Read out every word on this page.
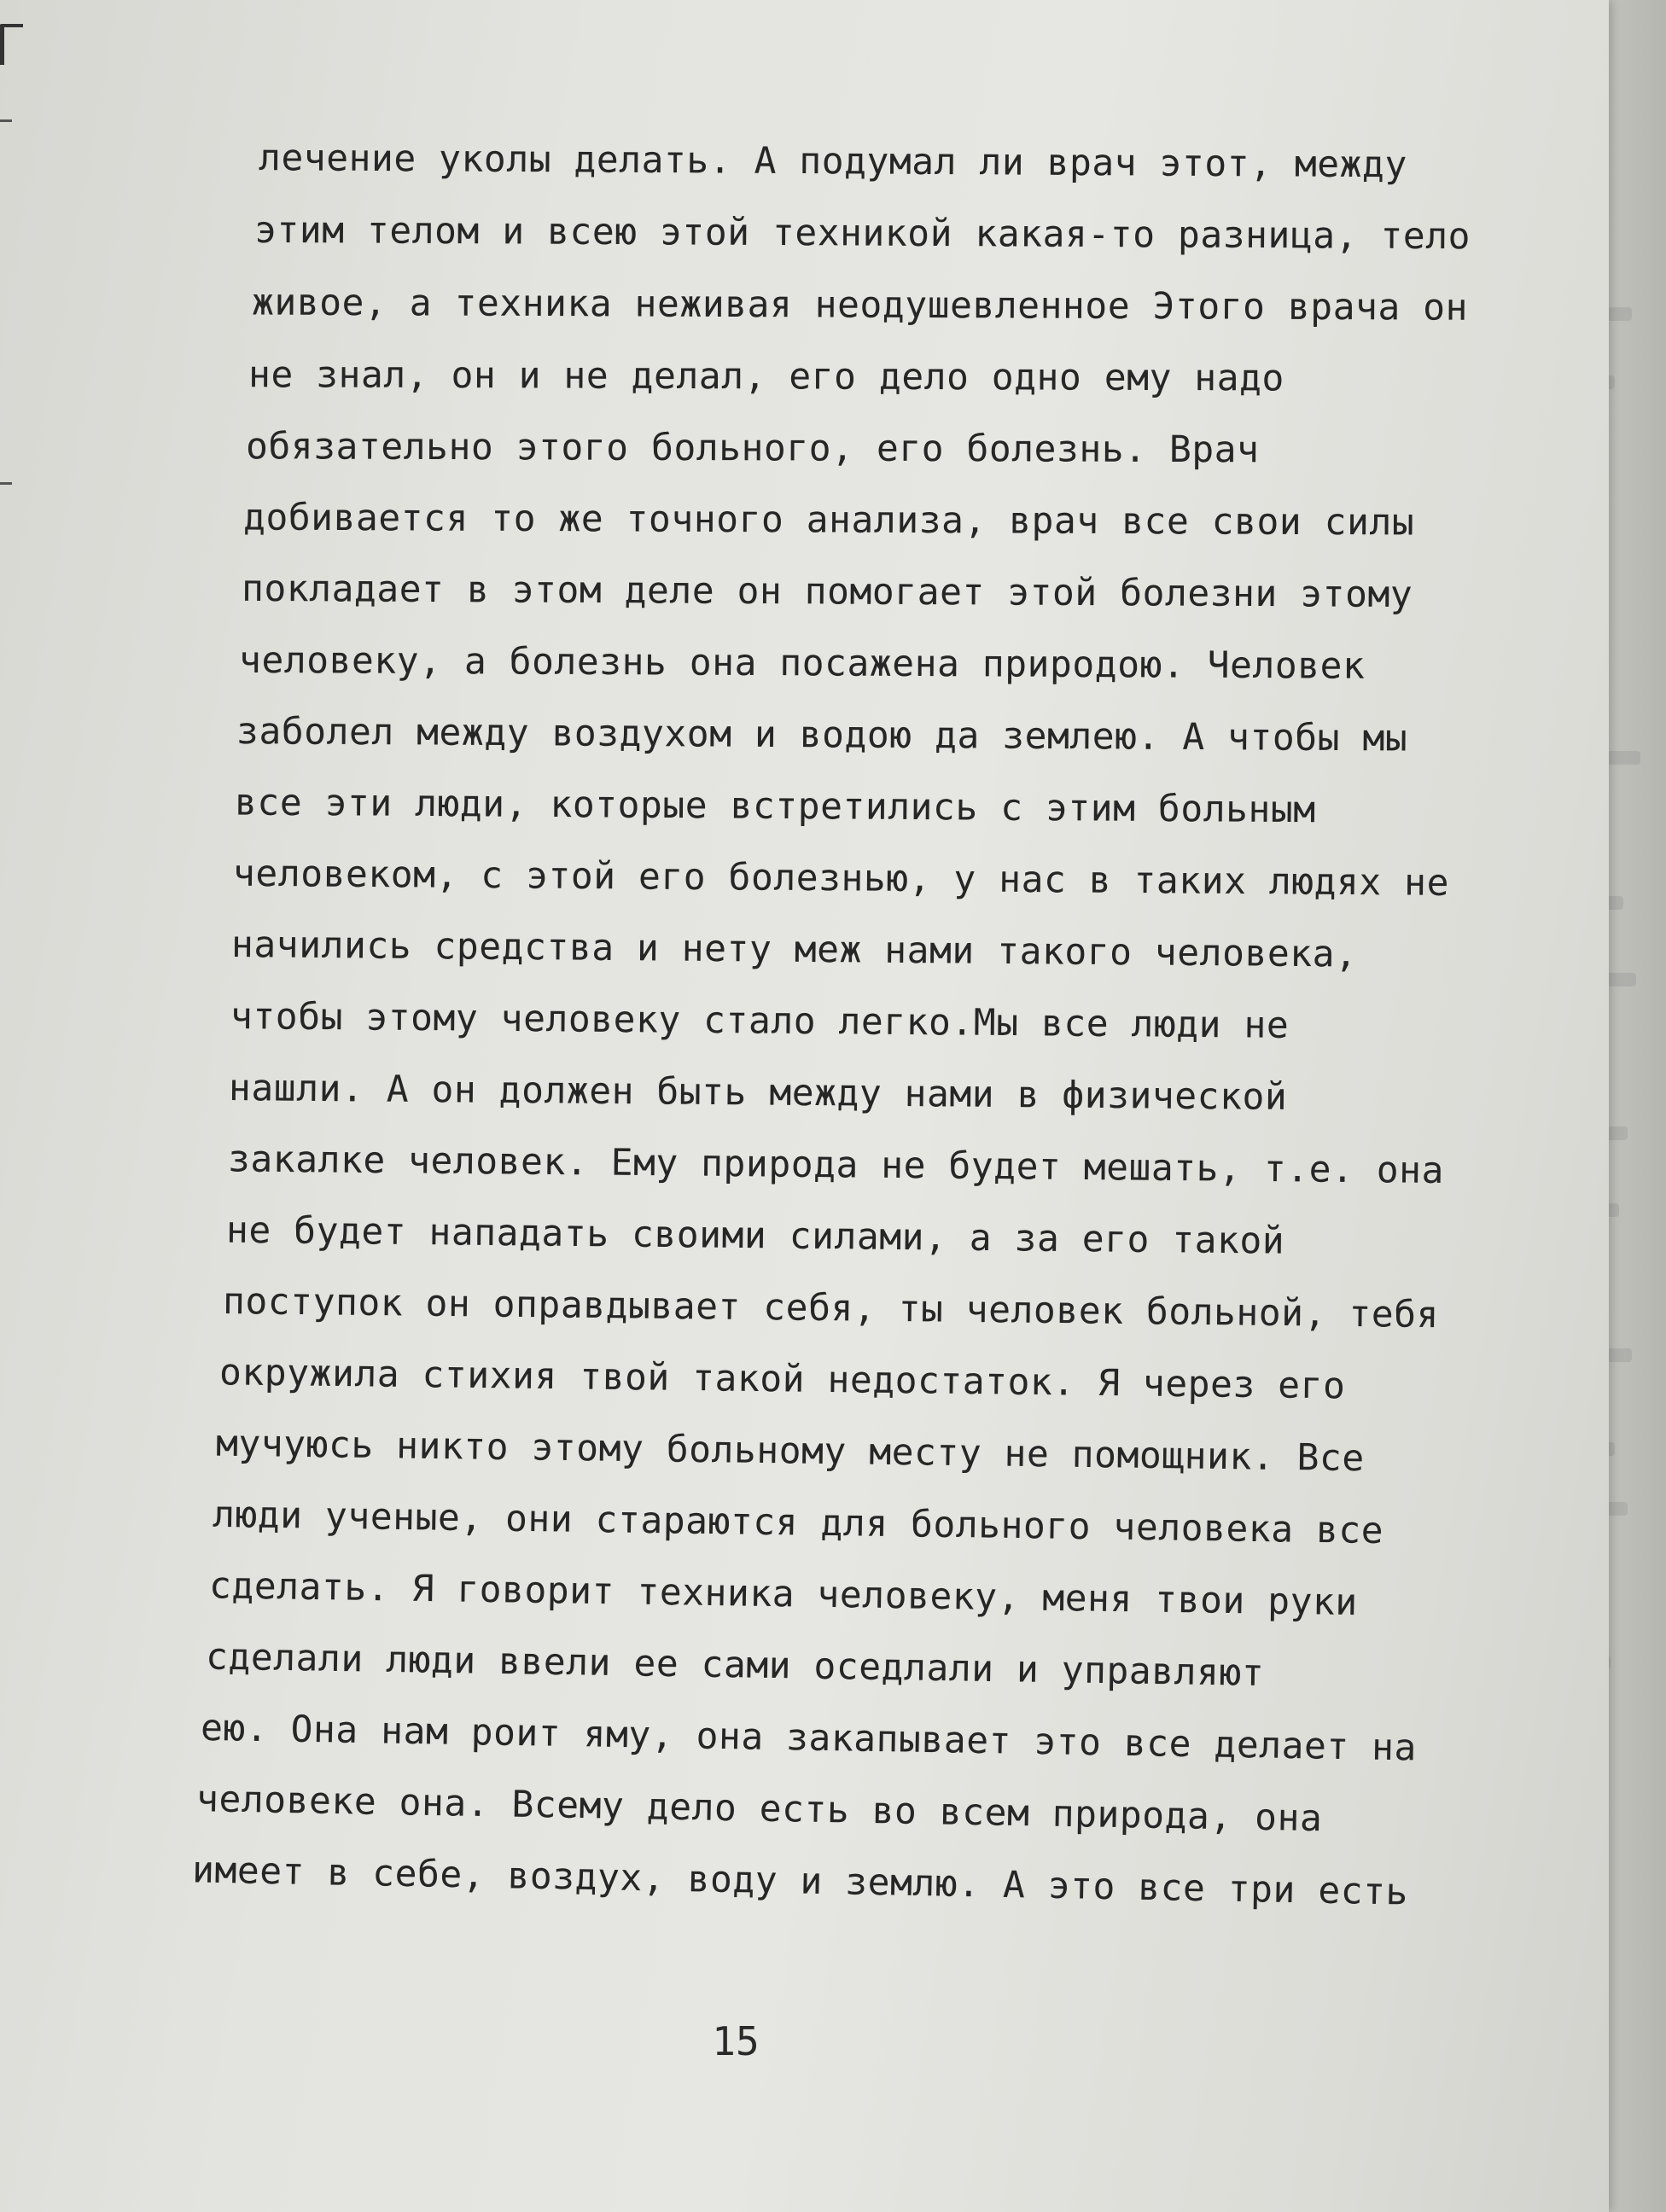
лечение уколы делать. А подумал ли врач этот, между
этим телом и всею этой техникой какая-то разница, тело
живое, а техника неживая неодушевленное Этого врача он
не знал, он и не делал, его дело одно ему надо
обязательно этого больного, его болезнь. Врач
добивается то же точного анализа, врач все свои силы
покладает в этом деле он помогает этой болезни этому
человеку, а болезнь она посажена природою. Человек
заболел между воздухом и водою да землею. А чтобы мы
все эти люди, которые встретились с этим больным
человеком, с этой его болезнью, у нас в таких людях не
начились средства и нету меж нами такого человека,
чтобы этому человеку стало легко.Мы все люди не
нашли. А он должен быть между нами в физической
закалке человек. Ему природа не будет мешать, т.е. она
не будет нападать своими силами, а за его такой
поступок он оправдывает себя, ты человек больной, тебя
окружила стихия твой такой недостаток. Я через его
мучуюсь никто этому больному месту не помощник. Все
люди ученые, они стараются для больного человека все
сделать. Я говорит техника человеку, меня твои руки
сделали люди ввели ее сами оседлали и управляют
ею. Она нам роит яму, она закапывает это все делает на
человеке она. Всему дело есть во всем природа, она
имеет в себе, воздух, воду и землю. А это все три есть
15
